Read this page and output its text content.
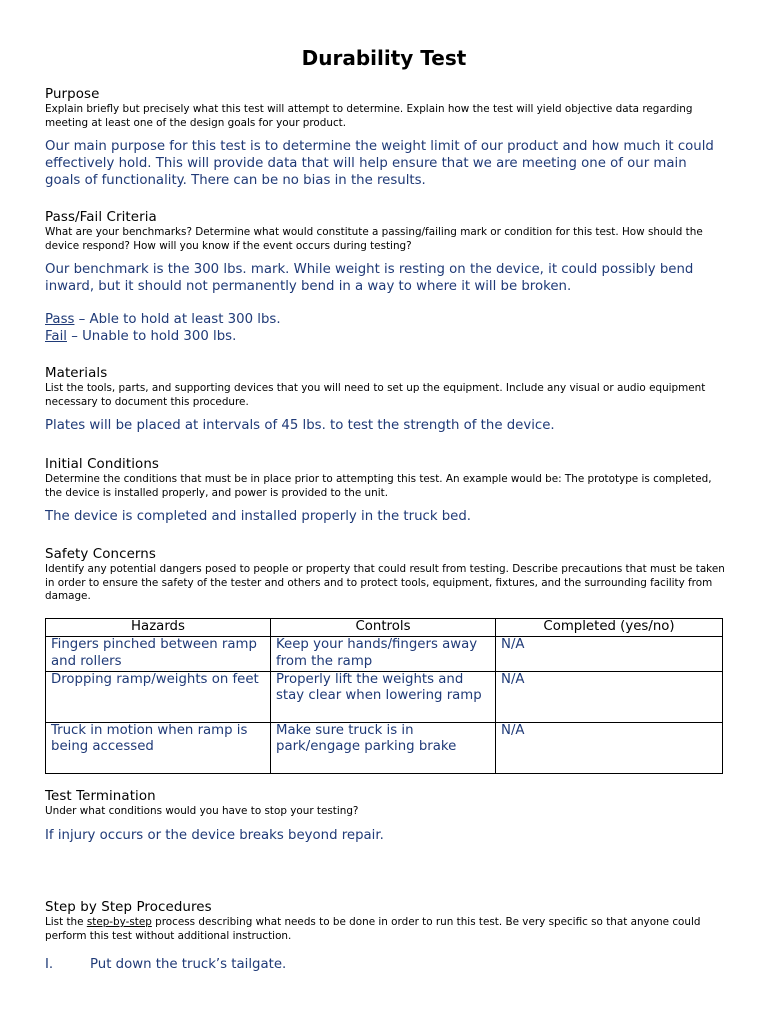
Durability Test

Purpose

Explain briefly but precisely what this test will attempt to determine. Explain how the test will yield objective data regarding meeting at least one of the design goals for your product.

Our main purpose for this test is to determine the weight limit of our product and how much it could effectively hold. This will provide data that will help ensure that we are meeting one of our main goals of functionality. There can be no bias in the results.

Pass/Fail Criteria

What are your benchmarks? Determine what would constitute a passing/failing mark or condition for this test. How should the device respond? How will you know if the event occurs during testing?

Our benchmark is the 300 lbs. mark. While weight is resting on the device, it could possibly bend inward, but it should not permanently bend in a way to where it will be broken.

Pass – Able to hold at least 300 lbs.

Fail – Unable to hold 300 lbs.

Materials

List the tools, parts, and supporting devices that you will need to set up the equipment. Include any visual or audio equipment necessary to document this procedure.

Plates will be placed at intervals of 45 lbs. to test the strength of the device.

Initial Conditions

Determine the conditions that must be in place prior to attempting this test. An example would be: The prototype is completed, the device is installed properly, and power is provided to the unit.

The device is completed and installed properly in the truck bed.

Safety Concerns

Identify any potential dangers posed to people or property that could result from testing. Describe precautions that must be taken in order to ensure the safety of the tester and others and to protect tools, equipment, fixtures, and the surrounding facility from damage.

Hazards	Controls	Completed (yes/no)
Fingers pinched between ramp and rollers	Keep your hands/fingers away from the ramp	N/A
Dropping ramp/weights on feet	Properly lift the weights and stay clear when lowering ramp	N/A
Truck in motion when ramp is being accessed	Make sure truck is in park/engage parking brake	N/A

Test Termination

Under what conditions would you have to stop your testing?

If injury occurs or the device breaks beyond repair.

Step by Step Procedures

List the step-by-step process describing what needs to be done in order to run this test. Be very specific so that anyone could perform this test without additional instruction.

I.	Put down the truck’s tailgate.
